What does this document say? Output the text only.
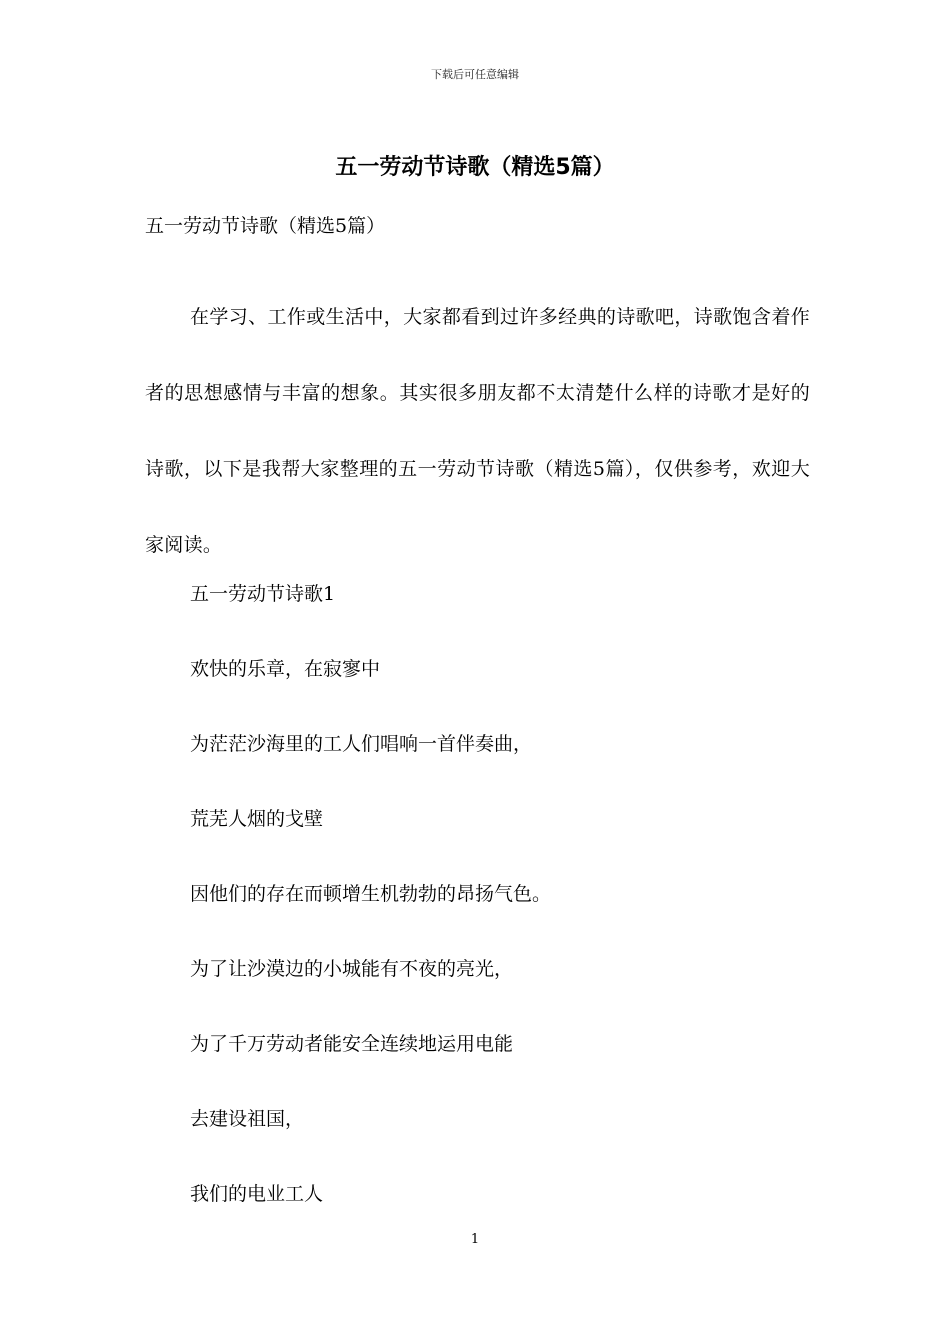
下载后可任意编辑
五一劳动节诗歌（精选5篇）

五一劳动节诗歌（精选5篇）

在学习、工作或生活中，大家都看到过许多经典的诗歌吧，诗歌饱含着作者的思想感情与丰富的想象。其实很多朋友都不太清楚什么样的诗歌才是好的诗歌，以下是我帮大家整理的五一劳动节诗歌（精选5篇），仅供参考，欢迎大家阅读。

五一劳动节诗歌1
欢快的乐章，在寂寥中
为茫茫沙海里的工人们唱响一首伴奏曲，
荒芜人烟的戈壁
因他们的存在而顿增生机勃勃的昂扬气色。
为了让沙漠边的小城能有不夜的亮光，
为了千万劳动者能安全连续地运用电能
去建设祖国，
我们的电业工人
1
